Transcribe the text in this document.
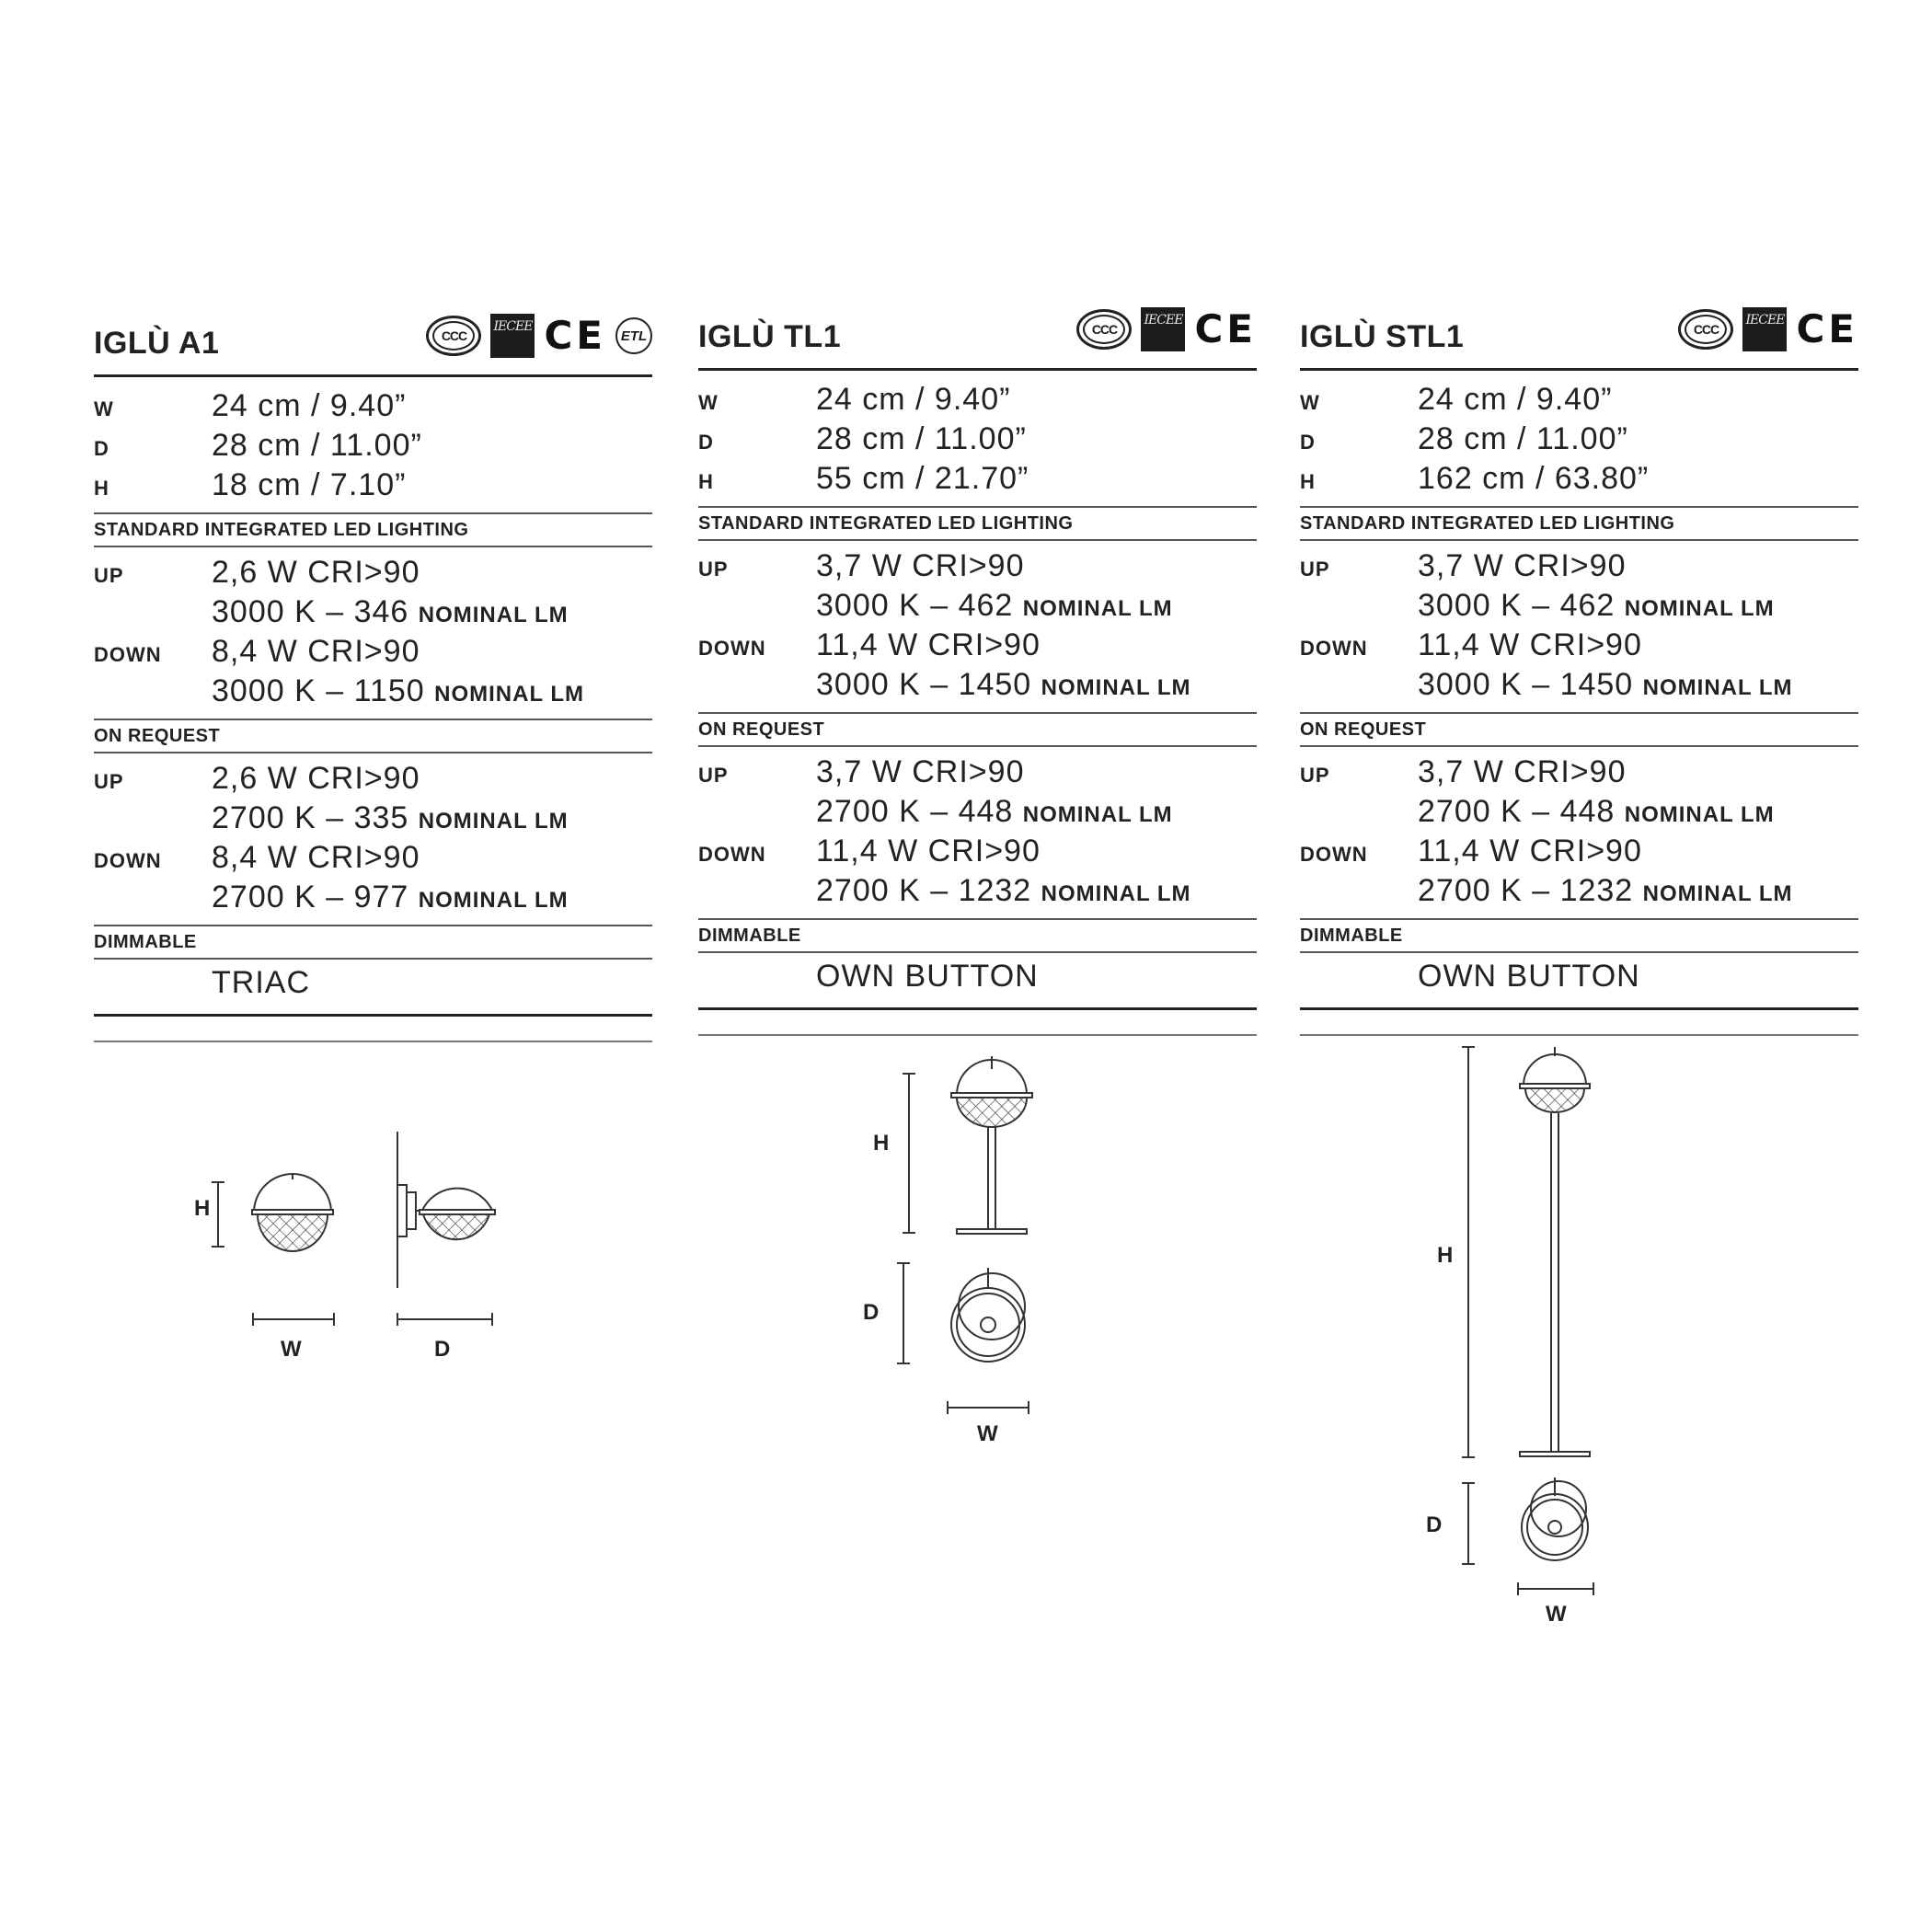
IGLÙ A1	CCC
IECEE CE	ETL
W	24 cm / 9.40”
D	28 cm / 11.00”
H	18 cm / 7.10”
STANDARD INTEGRATED LED LIGHTING
UP	2,6 W CRI>90
3000 K – 346 NOMINAL LM
DOWN	8,4 W CRI>90
3000 K – 1150 NOMINAL LM
ON REQUEST
UP	2,6 W CRI>90
2700 K – 335 NOMINAL LM
DOWN	8,4 W CRI>90
2700 K – 977 NOMINAL LM
DIMMABLE
TRIAC
IGLÙ TL1	CCC
IECEE CE
W	24 cm / 9.40”
D	28 cm / 11.00”
H	55 cm / 21.70”
STANDARD INTEGRATED LED LIGHTING
UP	3,7 W CRI>90
3000 K – 462 NOMINAL LM
DOWN	11,4 W CRI>90
3000 K – 1450 NOMINAL LM
ON REQUEST
UP	3,7 W CRI>90
2700 K – 448 NOMINAL LM
DOWN	11,4 W CRI>90
2700 K – 1232 NOMINAL LM
DIMMABLE
OWN BUTTON
IGLÙ STL1	CCC
IECEE CE
W	24 cm / 9.40”
D	28 cm / 11.00”
H	162 cm / 63.80”
STANDARD INTEGRATED LED LIGHTING
UP	3,7 W CRI>90
3000 K – 462 NOMINAL LM
DOWN	11,4 W CRI>90
3000 K – 1450 NOMINAL LM
ON REQUEST
UP	3,7 W CRI>90
2700 K – 448 NOMINAL LM
DOWN	11,4 W CRI>90
2700 K – 1232 NOMINAL LM
DIMMABLE
OWN BUTTON
H
W	D
H
D
W
H
D
W
